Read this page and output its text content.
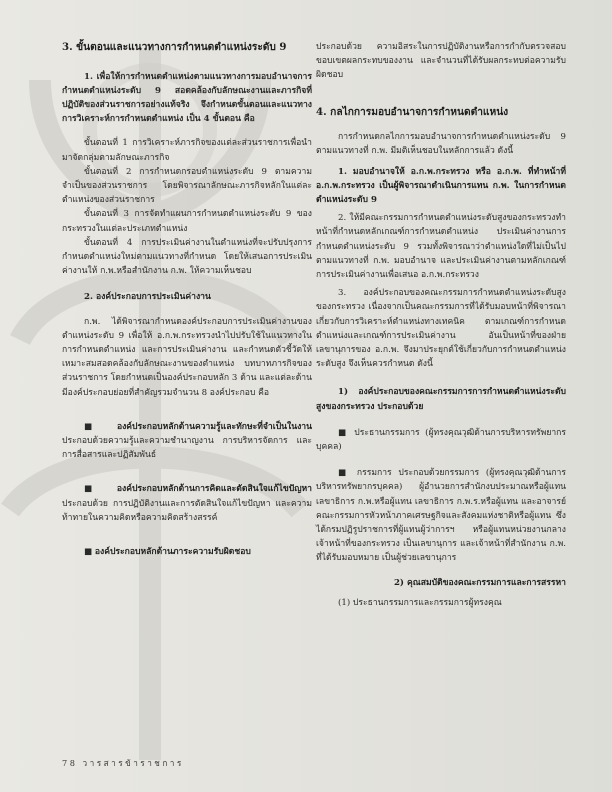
3. ขั้นตอนและแนวทางการกำหนดตำแหน่งระดับ 9

1. เพื่อให้การกำหนดตำแหน่งตามแนวทางการมอบอำนาจการกำหนดตำแหน่งระดับ 9 สอดคล้องกับลักษณะงานและภารกิจที่ปฏิบัติของส่วนราชการอย่างแท้จริง จึงกำหนดขั้นตอนและแนวทางการวิเคราะห์การกำหนดตำแหน่ง เป็น 4 ขั้นตอน คือ

ขั้นตอนที่ 1 การวิเคราะห์ภารกิจของแต่ละส่วนราชการเพื่อนำมาจัดกลุ่มตามลักษณะภารกิจ

ขั้นตอนที่ 2 การกำหนดกรอบตำแหน่งระดับ 9 ตามความจำเป็นของส่วนราชการ โดยพิจารณาลักษณะภารกิจหลักในแต่ละตำแหน่งของส่วนราชการ

ขั้นตอนที่ 3 การจัดทำแผนการกำหนดตำแหน่งระดับ 9 ของกระทรวงในแต่ละประเภทตำแหน่ง

ขั้นตอนที่ 4 การประเมินค่างานในตำแหน่งที่จะปรับปรุงการกำหนดตำแหน่งใหม่ตามแนวทางที่กำหนด โดยให้เสนอการประเมินค่างานให้ ก.พ.หรือสำนักงาน ก.พ. ให้ความเห็นชอบ

2. องค์ประกอบการประเมินค่างาน

ก.พ. ได้พิจารณากำหนดองค์ประกอบการประเมินค่างานของตำแหน่งระดับ 9 เพื่อให้ อ.ก.พ.กระทรวงนำไปปรับใช้ในแนวทางในการกำหนดตำแหน่ง และการประเมินค่างาน และกำหนดตัวชี้วัดให้เหมาะสมสอดคล้องกับลักษณะงานของตำแหน่ง บทบาทภารกิจของส่วนราชการ โดยกำหนดเป็นองค์ประกอบหลัก 3 ด้าน และแต่ละด้านมีองค์ประกอบย่อยที่สำคัญรวมจำนวน 8 องค์ประกอบ คือ

■ องค์ประกอบหลักด้านความรู้และทักษะที่จำเป็นในงาน ประกอบด้วยความรู้และความชำนาญงาน การบริหารจัดการ และการสื่อสารและปฏิสัมพันธ์

■ องค์ประกอบหลักด้านการคิดและตัดสินใจแก้ไขปัญหา ประกอบด้วย การปฏิบัติงานและการตัดสินใจแก้ไขปัญหา และความท้าทายในความคิดหรือความคิดสร้างสรรค์

■ องค์ประกอบหลักด้านภาระความรับผิดชอบ

ประกอบด้วย ความอิสระในการปฏิบัติงานหรือการกำกับตรวจสอบ ขอบเขตผลกระทบของงาน และจำนวนที่ได้รับผลกระทบต่อความรับผิดชอบ

4. กลไกการมอบอำนาจการกำหนดตำแหน่ง

การกำหนดกลไกการมอบอำนาจการกำหนดตำแหน่งระดับ 9 ตามแนวทางที่ ก.พ. มีมติเห็นชอบในหลักการแล้ว ดังนี้

1. มอบอำนาจให้ อ.ก.พ.กระทรวง หรือ อ.ก.พ. ที่ทำหน้าที่ อ.ก.พ.กระทรวง เป็นผู้พิจารณาดำเนินการแทน ก.พ. ในการกำหนดตำแหน่งระดับ 9

2. ให้มีคณะกรรมการกำหนดตำแหน่งระดับสูงของกระทรวงทำหน้าที่กำหนดหลักเกณฑ์การกำหนดตำแหน่ง ประเมินค่างานการกำหนดตำแหน่งระดับ 9 รวมทั้งพิจารณาว่าตำแหน่งใดที่ไม่เป็นไปตามแนวทางที่ ก.พ. มอบอำนาจ และประเมินค่างานตามหลักเกณฑ์การประเมินค่างานเพื่อเสนอ อ.ก.พ.กระทรวง

3. องค์ประกอบของคณะกรรมการกำหนดตำแหน่งระดับสูงของกระทรวง เนื่องจากเป็นคณะกรรมการที่ได้รับมอบหน้าที่พิจารณาเกี่ยวกับการวิเคราะห์ตำแหน่งทางเทคนิค ตามเกณฑ์การกำหนดตำแหน่งและเกณฑ์การประเมินค่างาน อันเป็นหน้าที่ของฝ่ายเลขานุการของ อ.ก.พ. จึงมาประยุกต์ใช้เกี่ยวกับการกำหนดตำแหน่งระดับสูง จึงเห็นควรกำหนด ดังนี้

1) องค์ประกอบของคณะกรรมการการกำหนดตำแหน่งระดับสูงของกระทรวง ประกอบด้วย

■ ประธานกรรมการ (ผู้ทรงคุณวุฒิด้านการบริหารทรัพยากรบุคคล)

■ กรรมการ ประกอบด้วยกรรมการ (ผู้ทรงคุณวุฒิด้านการบริหารทรัพยากรบุคคล) ผู้อำนวยการสำนักงบประมาณหรือผู้แทน เลขาธิการ ก.พ.หรือผู้แทน เลขาธิการ ก.พ.ร.หรือผู้แทน และอาจารย์คณะกรรมการหัวหน้าภาคเศรษฐกิจและสังคมแห่งชาติหรือผู้แทน ซึ่งได้กรมปฏิรูปราชการที่ผู้แทนผู้ว่าการฯ หรือผู้แทนหน่วยงานกลาง เจ้าหน้าที่ของกระทรวง เป็นเลขานุการ และเจ้าหน้าที่สำนักงาน ก.พ. ที่ได้รับมอบหมาย เป็นผู้ช่วยเลขานุการ

2) คุณสมบัติของคณะกรรมการและการสรรหา

(1) ประธานกรรมการและกรรมการผู้ทรงคุณ

78 วารสารข้าราชการ
